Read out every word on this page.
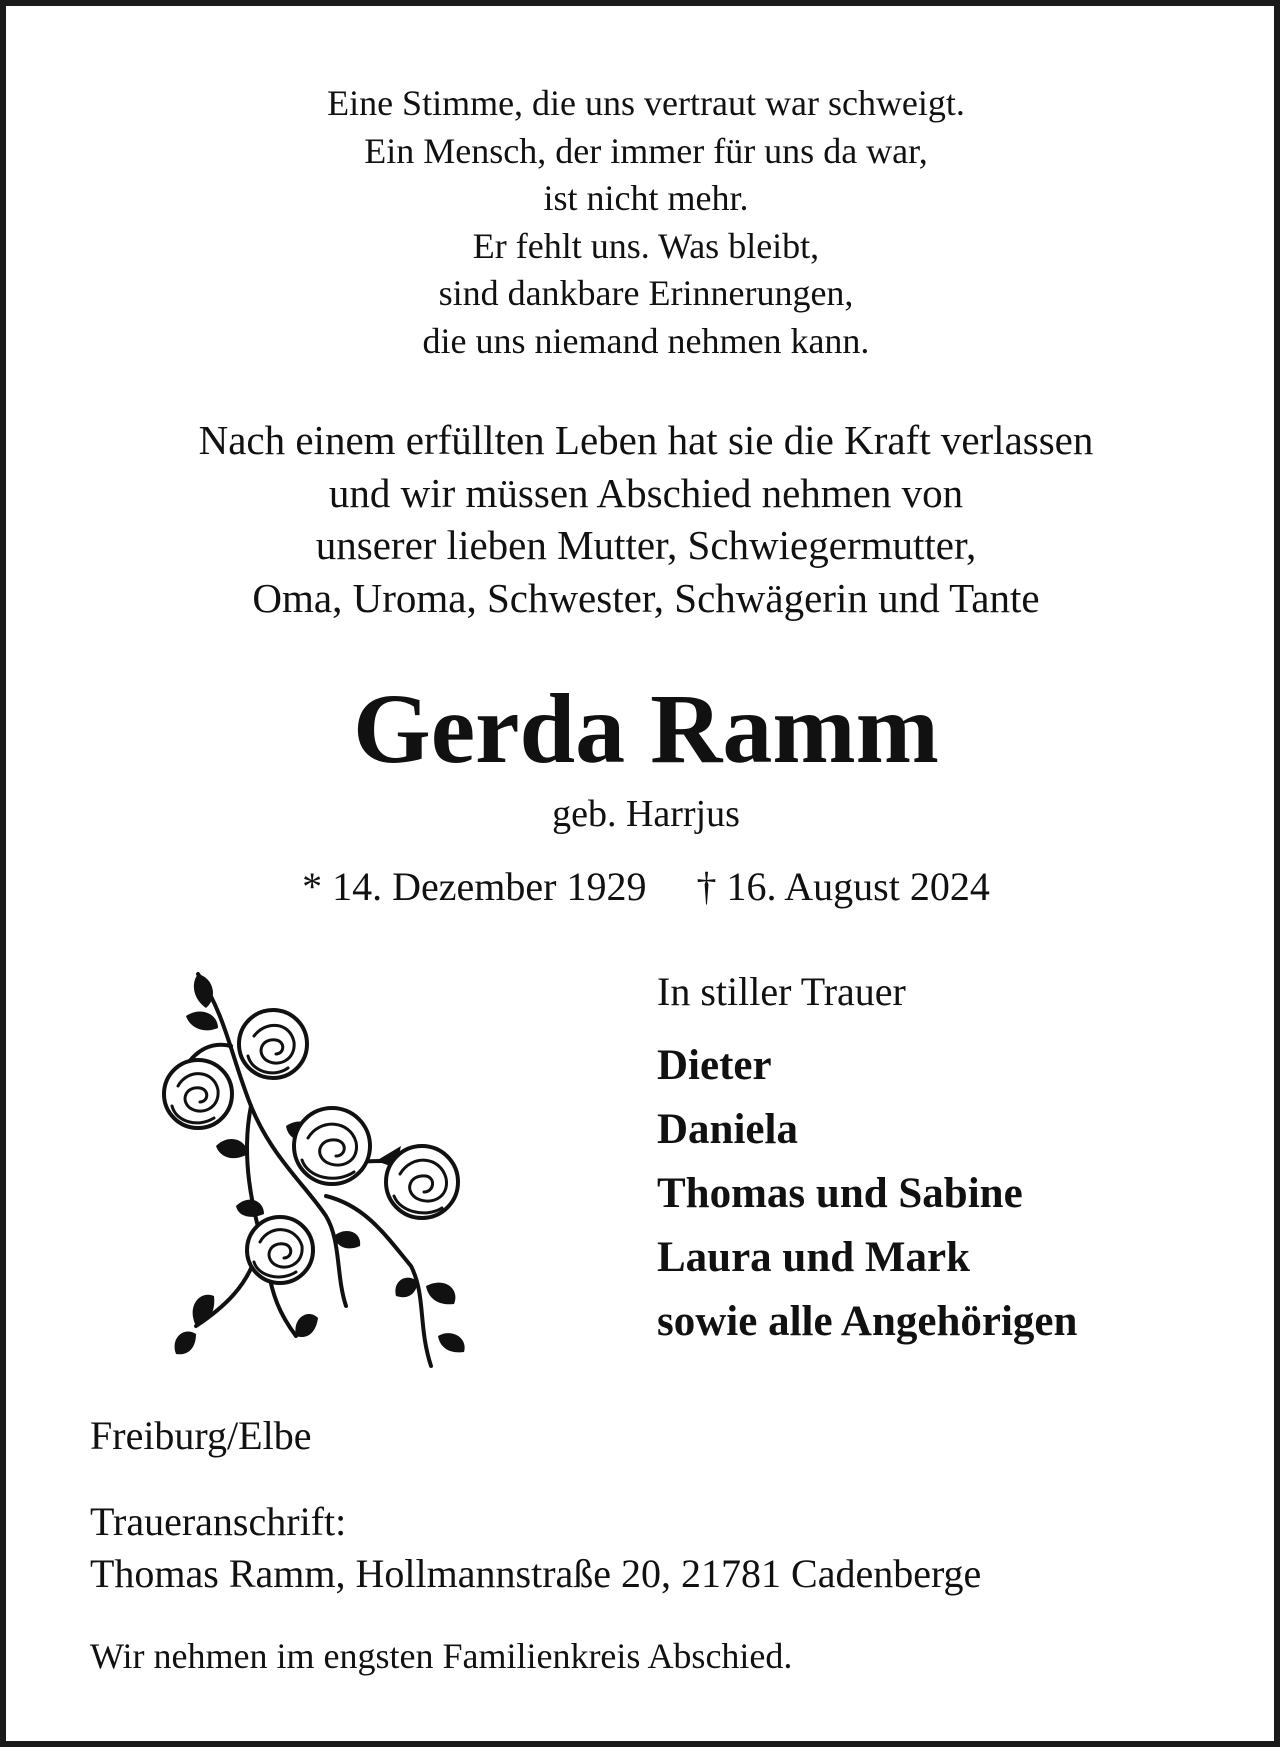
Eine Stimme, die uns vertraut war schweigt.
Ein Mensch, der immer für uns da war,
ist nicht mehr.
Er fehlt uns. Was bleibt,
sind dankbare Erinnerungen,
die uns niemand nehmen kann.
Nach einem erfüllten Leben hat sie die Kraft verlassen
und wir müssen Abschied nehmen von
unserer lieben Mutter, Schwiegermutter,
Oma, Uroma, Schwester, Schwägerin und Tante
Gerda Ramm
geb. Harrjus
* 14. Dezember 1929 † 16. August 2024
In stiller Trauer
Dieter
Daniela
Thomas und Sabine
Laura und Mark
sowie alle Angehörigen
Freiburg/Elbe
Traueranschrift:
Thomas Ramm, Hollmannstraße 20, 21781 Cadenberge
Wir nehmen im engsten Familienkreis Abschied.
